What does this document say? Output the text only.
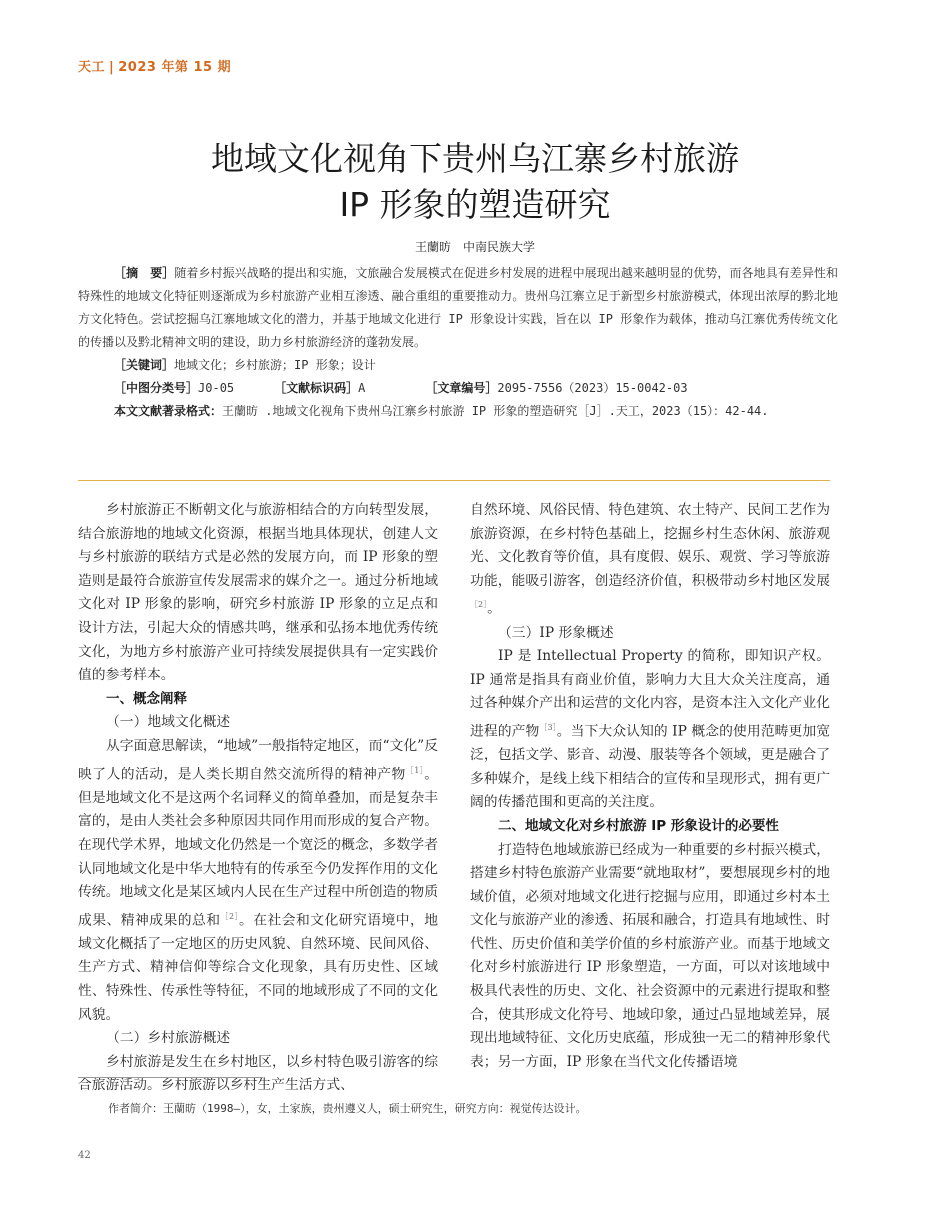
天工 | 2023 年第 15 期
地域文化视角下贵州乌江寨乡村旅游
IP 形象的塑造研究
王蘭昉 中南民族大学

［摘　要］随着乡村振兴战略的提出和实施，文旅融合发展模式在促进乡村发展的进程中展现出越来越明显的优势，而各地具有差异性和特殊性的地域文化特征则逐渐成为乡村旅游产业相互渗透、融合重组的重要推动力。贵州乌江寨立足于新型乡村旅游模式，体现出浓厚的黔北地方文化特色。尝试挖掘乌江寨地域文化的潜力，并基于地域文化进行 IP 形象设计实践，旨在以 IP 形象作为载体，推动乌江寨优秀传统文化的传播以及黔北精神文明的建设，助力乡村旅游经济的蓬勃发展。

［关键词］地域文化；乡村旅游；IP 形象；设计

［中图分类号］J0-05	［文献标识码］A	［文章编号］2095-7556（2023）15-0042-03

本文文献著录格式：王蘭昉 .地域文化视角下贵州乌江寨乡村旅游 IP 形象的塑造研究［J］.天工，2023（15）：42-44.

乡村旅游正不断朝文化与旅游相结合的方向转型发展，结合旅游地的地域文化资源，根据当地具体现状，创建人文与乡村旅游的联结方式是必然的发展方向，而 IP 形象的塑造则是最符合旅游宣传发展需求的媒介之一。通过分析地域文化对 IP 形象的影响，研究乡村旅游 IP 形象的立足点和设计方法，引起大众的情感共鸣，继承和弘扬本地优秀传统文化，为地方乡村旅游产业可持续发展提供具有一定实践价值的参考样本。

一、概念阐释

（一）地域文化概述

从字面意思解读，“地域”一般指特定地区，而“文化”反映了人的活动，是人类长期自然交流所得的精神产物$^{[1]}$。但是地域文化不是这两个名词释义的简单叠加，而是复杂丰富的，是由人类社会多种原因共同作用而形成的复合产物。在现代学术界，地域文化仍然是一个宽泛的概念，多数学者认同地域文化是中华大地特有的传承至今仍发挥作用的文化传统。地域文化是某区域内人民在生产过程中所创造的物质成果、精神成果的总和$^{[2]}$。在社会和文化研究语境中，地域文化概括了一定地区的历史风貌、自然环境、民间风俗、生产方式、精神信仰等综合文化现象，具有历史性、区域性、特殊性、传承性等特征，不同的地域形成了不同的文化风貌。

（二）乡村旅游概述

乡村旅游是发生在乡村地区，以乡村特色吸引游客的综合旅游活动。乡村旅游以乡村生产生活方式、

自然环境、风俗民情、特色建筑、农土特产、民间工艺作为旅游资源，在乡村特色基础上，挖掘乡村生态休闲、旅游观光、文化教育等价值，具有度假、娱乐、观赏、学习等旅游功能，能吸引游客，创造经济价值，积极带动乡村地区发展$^{[2]}$。

（三）IP 形象概述

IP 是 Intellectual Property 的简称，即知识产权。IP 通常是指具有商业价值，影响力大且大众关注度高，通过各种媒介产出和运营的文化内容，是资本注入文化产业化进程的产物$^{[3]}$。当下大众认知的 IP 概念的使用范畴更加宽泛，包括文学、影音、动漫、服装等各个领域，更是融合了多种媒介，是线上线下相结合的宣传和呈现形式，拥有更广阔的传播范围和更高的关注度。

二、地域文化对乡村旅游 IP 形象设计的必要性

打造特色地域旅游已经成为一种重要的乡村振兴模式，搭建乡村特色旅游产业需要“就地取材”，要想展现乡村的地域价值，必须对地域文化进行挖掘与应用，即通过乡村本土文化与旅游产业的渗透、拓展和融合，打造具有地域性、时代性、历史价值和美学价值的乡村旅游产业。而基于地域文化对乡村旅游进行 IP 形象塑造，一方面，可以对该地域中极具代表性的历史、文化、社会资源中的元素进行提取和整合，使其形成文化符号、地域印象，通过凸显地域差异，展现出地域特征、文化历史底蕴，形成独一无二的精神形象代表；另一方面，IP 形象在当代文化传播语境

作者简介：王蘭昉（1998—），女，土家族，贵州遵义人，硕士研究生，研究方向：视觉传达设计。
42
